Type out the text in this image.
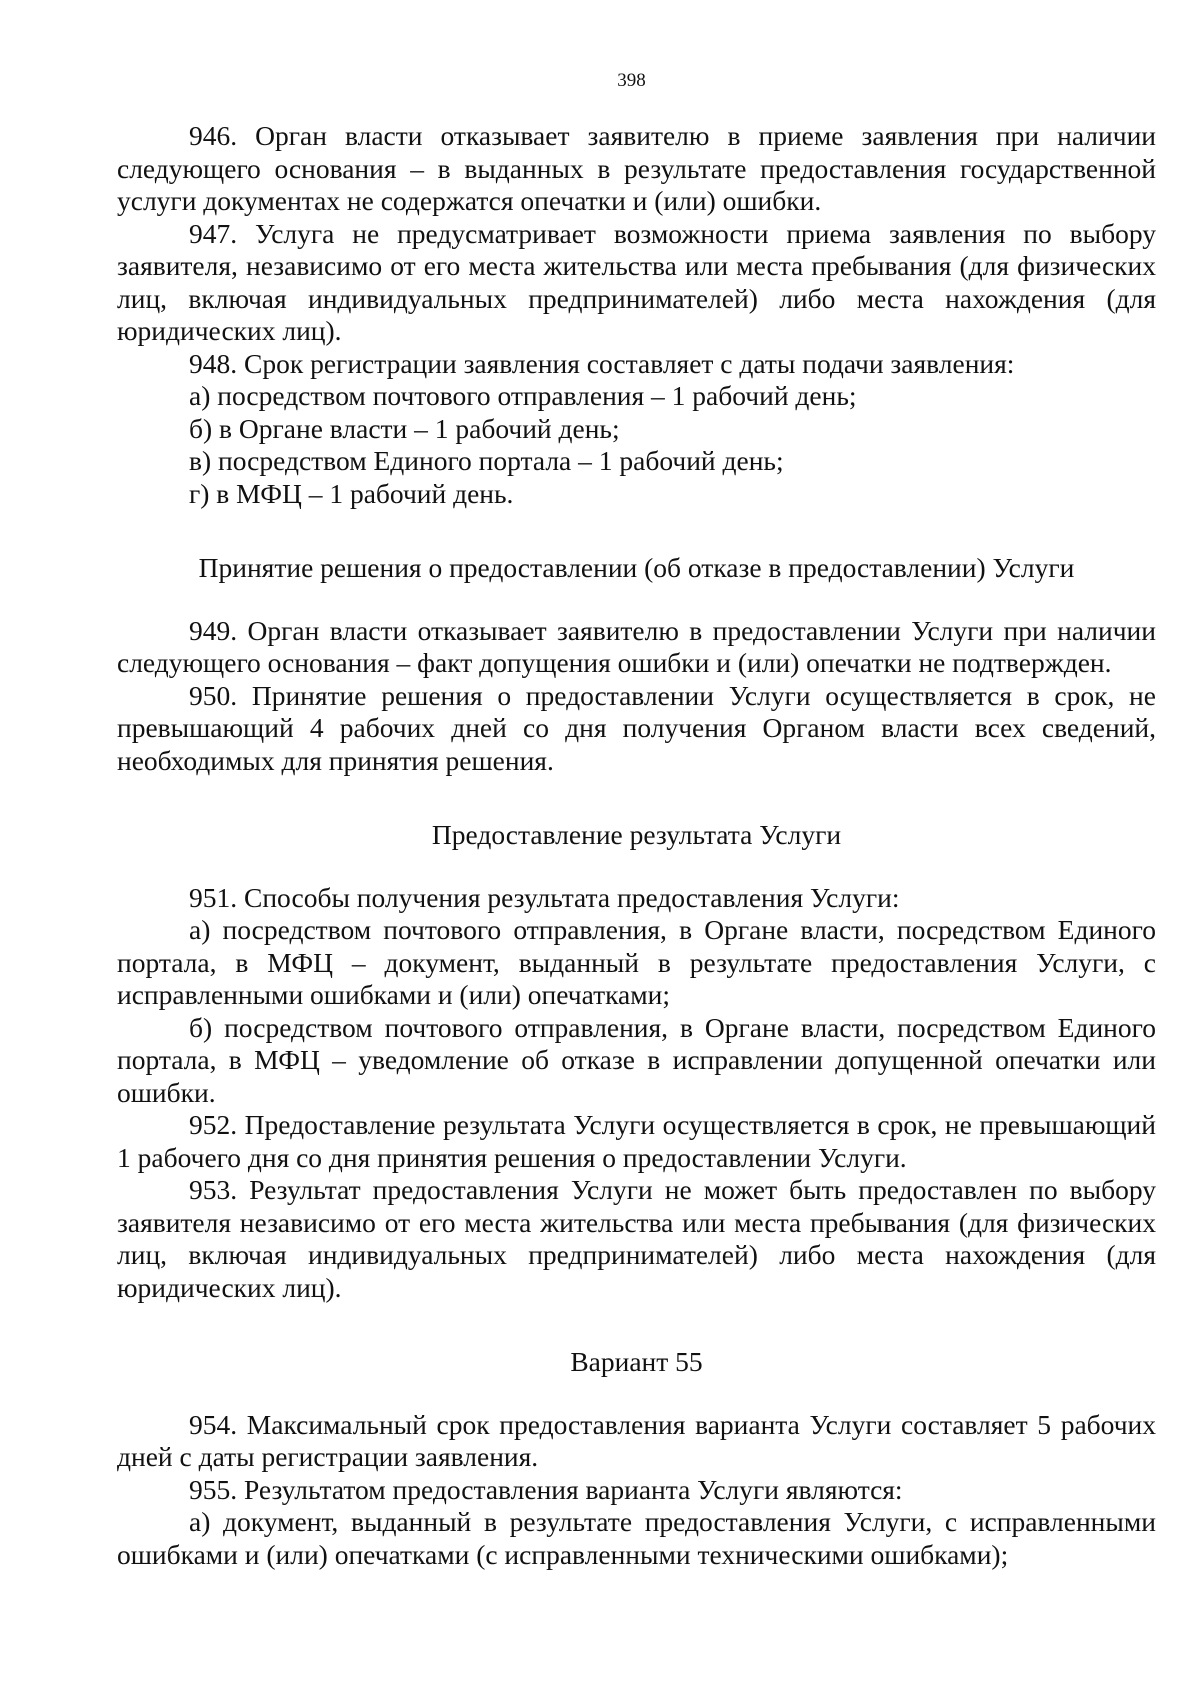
398

946. Орган власти отказывает заявителю в приеме заявления при наличии следующего основания – в выданных в результате предоставления государственной услуги документах не содержатся опечатки и (или) ошибки.

947. Услуга не предусматривает возможности приема заявления по выбору заявителя, независимо от его места жительства или места пребывания (для физических лиц, включая индивидуальных предпринимателей) либо места нахождения (для юридических лиц).

948. Срок регистрации заявления составляет с даты подачи заявления:

а) посредством почтового отправления – 1 рабочий день;
б) в Органе власти – 1 рабочий день;
в) посредством Единого портала – 1 рабочий день;
г) в МФЦ – 1 рабочий день.
Принятие решения о предоставлении (об отказе в предоставлении) Услуги

949. Орган власти отказывает заявителю в предоставлении Услуги при наличии следующего основания – факт допущения ошибки и (или) опечатки не подтвержден.

950. Принятие решения о предоставлении Услуги осуществляется в срок, не превышающий 4 рабочих дней со дня получения Органом власти всех сведений, необходимых для принятия решения.

Предоставление результата Услуги

951. Способы получения результата предоставления Услуги:

а) посредством почтового отправления, в Органе власти, посредством Единого портала, в МФЦ – документ, выданный в результате предоставления Услуги, с исправленными ошибками и (или) опечатками;

б) посредством почтового отправления, в Органе власти, посредством Единого портала, в МФЦ – уведомление об отказе в исправлении допущенной опечатки или ошибки.

952. Предоставление результата Услуги осуществляется в срок, не превышающий 1 рабочего дня со дня принятия решения о предоставлении Услуги.

953. Результат предоставления Услуги не может быть предоставлен по выбору заявителя независимо от его места жительства или места пребывания (для физических лиц, включая индивидуальных предпринимателей) либо места нахождения (для юридических лиц).

Вариант 55

954. Максимальный срок предоставления варианта Услуги составляет 5 рабочих дней с даты регистрации заявления.

955. Результатом предоставления варианта Услуги являются:

а) документ, выданный в результате предоставления Услуги, с исправленными ошибками и (или) опечатками (с исправленными техническими ошибками);
